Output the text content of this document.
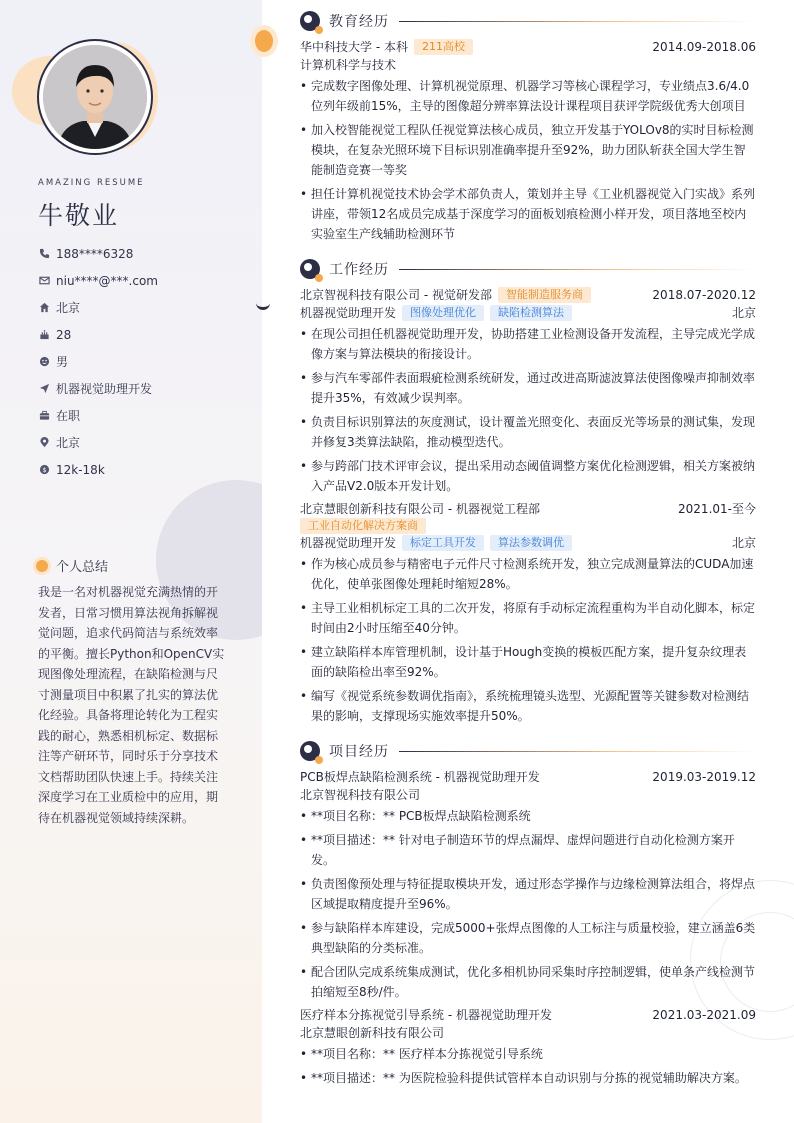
AMAZING RESUME
牛敬业
188****6328
niu****@***.com
北京
28
男
机器视觉助理开发
在职
北京
$ 12k-18k
个人总结
我是一名对机器视觉充满热情的开发者，日常习惯用算法视角拆解视觉问题，追求代码简洁与系统效率的平衡。擅长Python和OpenCV实现图像处理流程，在缺陷检测与尺寸测量项目中积累了扎实的算法优化经验。具备将理论转化为工程实践的耐心，熟悉相机标定、数据标注等产研环节，同时乐于分享技术文档帮助团队快速上手。持续关注深度学习在工业质检中的应用，期待在机器视觉领域持续深耕。
教育经历
华中科技大学 - 本科	211高校	2014.09-2018.06
计算机科学与技术
• 完成数字图像处理、计算机视觉原理、机器学习等核心课程学习，专业绩点3.6/4.0位列年级前15%，主导的图像超分辨率算法设计课程项目获评学院级优秀大创项目
• 加入校智能视觉工程队任视觉算法核心成员，独立开发基于YOLOv8的实时目标检测模块，在复杂光照环境下目标识别准确率提升至92%，助力团队斩获全国大学生智能制造竞赛一等奖
• 担任计算机视觉技术协会学术部负责人，策划并主导《工业机器视觉入门实战》系列讲座，带领12名成员完成基于深度学习的面板划痕检测小样开发，项目落地至校内实验室生产线辅助检测环节
工作经历
北京智视科技有限公司 - 视觉研发部	智能制造服务商	2018.07-2020.12
机器视觉助理开发	图像处理优化	缺陷检测算法	北京
• 在现公司担任机器视觉助理开发，协助搭建工业检测设备开发流程，主导完成光学成像方案与算法模块的衔接设计。
• 参与汽车零部件表面瑕疵检测系统研发，通过改进高斯滤波算法使图像噪声抑制效率提升35%，有效减少误判率。
• 负责目标识别算法的灰度测试，设计覆盖光照变化、表面反光等场景的测试集，发现并修复3类算法缺陷，推动模型迭代。
• 参与跨部门技术评审会议，提出采用动态阈值调整方案优化检测逻辑，相关方案被纳入产品V2.0版本开发计划。
北京慧眼创新科技有限公司 - 机器视觉工程部	2021.01-至今
工业自动化解决方案商
机器视觉助理开发	标定工具开发	算法参数调优	北京
• 作为核心成员参与精密电子元件尺寸检测系统开发，独立完成测量算法的CUDA加速优化，使单张图像处理耗时缩短28%。
• 主导工业相机标定工具的二次开发，将原有手动标定流程重构为半自动化脚本，标定时间由2小时压缩至40分钟。
• 建立缺陷样本库管理机制，设计基于Hough变换的模板匹配方案，提升复杂纹理表面的缺陷检出率至92%。
• 编写《视觉系统参数调优指南》，系统梳理镜头选型、光源配置等关键参数对检测结果的影响，支撑现场实施效率提升50%。
项目经历
PCB板焊点缺陷检测系统 - 机器视觉助理开发	2019.03-2019.12
北京智视科技有限公司
• **项目名称：** PCB板焊点缺陷检测系统
• **项目描述：** 针对电子制造环节的焊点漏焊、虚焊问题进行自动化检测方案开发。
• 负责图像预处理与特征提取模块开发，通过形态学操作与边缘检测算法组合，将焊点区域提取精度提升至96%。
• 参与缺陷样本库建设，完成5000+张焊点图像的人工标注与质量校验，建立涵盖6类典型缺陷的分类标准。
• 配合团队完成系统集成测试，优化多相机协同采集时序控制逻辑，使单条产线检测节拍缩短至8秒/件。
医疗样本分拣视觉引导系统 - 机器视觉助理开发	2021.03-2021.09
北京慧眼创新科技有限公司
• **项目名称：** 医疗样本分拣视觉引导系统
• **项目描述：** 为医院检验科提供试管样本自动识别与分拣的视觉辅助解决方案。
